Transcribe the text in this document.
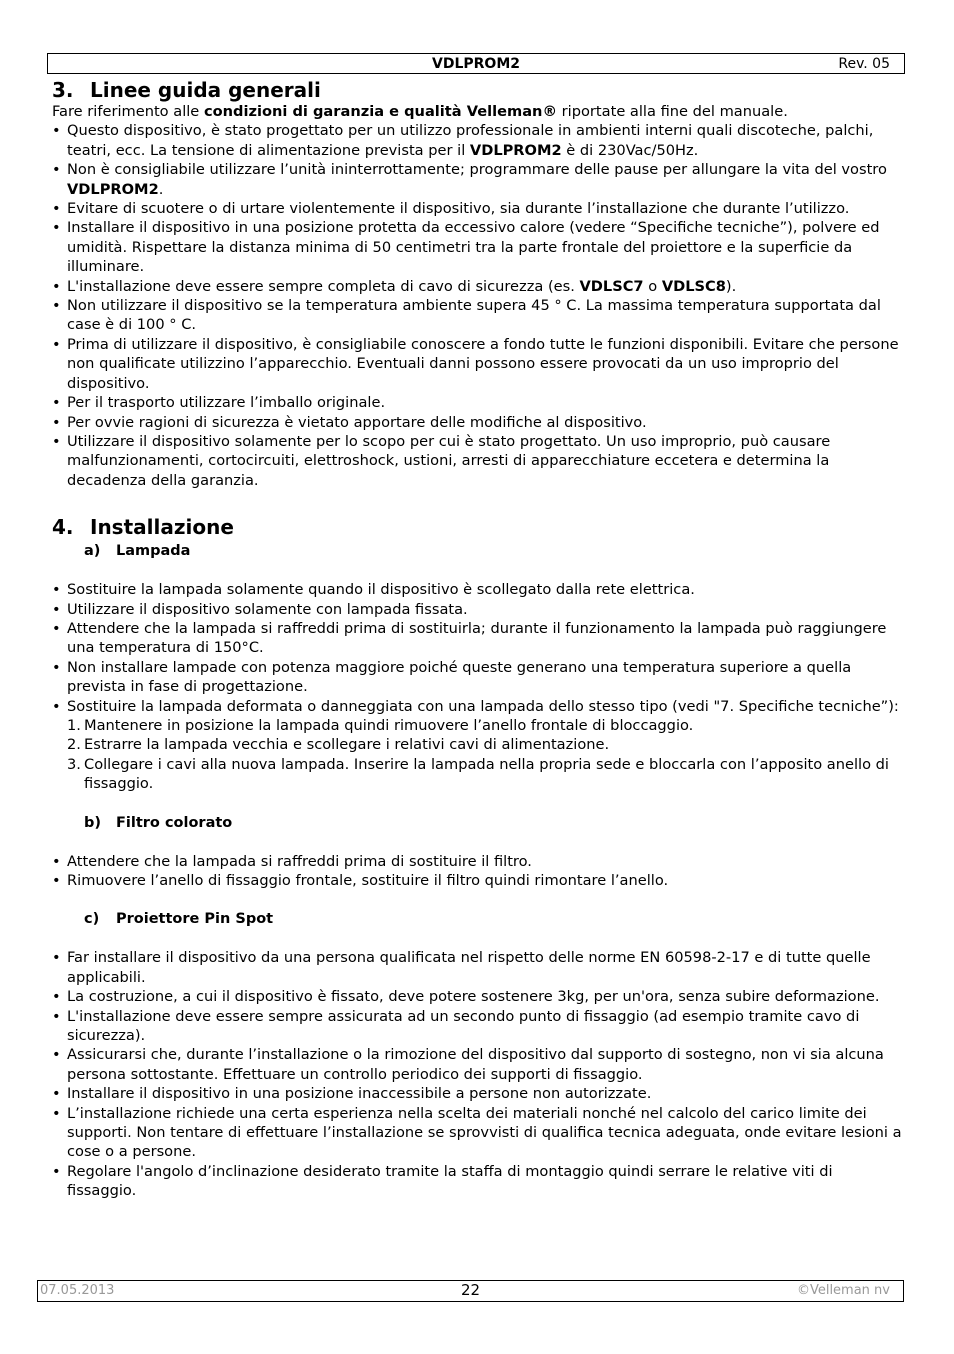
VDLPROM2	Rev. 05
3. Linee guida generali

Fare riferimento alle condizioni di garanzia e qualità Velleman® riportate alla fine del manuale.

• Questo dispositivo, è stato progettato per un utilizzo professionale in ambienti interni quali discoteche, palchi, teatri, ecc. La tensione di alimentazione prevista per il VDLPROM2 è di 230Vac/50Hz.
• Non è consigliabile utilizzare l’unità ininterrottamente; programmare delle pause per allungare la vita del vostro VDLPROM2.
• Evitare di scuotere o di urtare violentemente il dispositivo, sia durante l’installazione che durante l’utilizzo.
• Installare il dispositivo in una posizione protetta da eccessivo calore (vedere “Specifiche tecniche”), polvere ed umidità. Rispettare la distanza minima di 50 centimetri tra la parte frontale del proiettore e la superficie da illuminare.
• L'installazione deve essere sempre completa di cavo di sicurezza (es. VDLSC7 o VDLSC8).
• Non utilizzare il dispositivo se la temperatura ambiente supera 45 ° C. La massima temperatura supportata dal case è di 100 ° C.
• Prima di utilizzare il dispositivo, è consigliabile conoscere a fondo tutte le funzioni disponibili. Evitare che persone non qualificate utilizzino l’apparecchio. Eventuali danni possono essere provocati da un uso improprio del dispositivo.
• Per il trasporto utilizzare l’imballo originale.
• Per ovvie ragioni di sicurezza è vietato apportare delle modifiche al dispositivo.
• Utilizzare il dispositivo solamente per lo scopo per cui è stato progettato. Un uso improprio, può causare malfunzionamenti, cortocircuiti, elettroshock, ustioni, arresti di apparecchiature eccetera e determina la decadenza della garanzia.
4. Installazione
a) Lampada
• Sostituire la lampada solamente quando il dispositivo è scollegato dalla rete elettrica.
• Utilizzare il dispositivo solamente con lampada fissata.
• Attendere che la lampada si raffreddi prima di sostituirla; durante il funzionamento la lampada può raggiungere una temperatura di 150°C.
• Non installare lampade con potenza maggiore poiché queste generano una temperatura superiore a quella prevista in fase di progettazione.
• Sostituire la lampada deformata o danneggiata con una lampada dello stesso tipo (vedi "7. Specifiche tecniche”):
1. Mantenere in posizione la lampada quindi rimuovere l’anello frontale di bloccaggio.
2. Estrarre la lampada vecchia e scollegare i relativi cavi di alimentazione.
3. Collegare i cavi alla nuova lampada. Inserire la lampada nella propria sede e bloccarla con l’apposito anello di fissaggio.
b) Filtro colorato
• Attendere che la lampada si raffreddi prima di sostituire il filtro.
• Rimuovere l’anello di fissaggio frontale, sostituire il filtro quindi rimontare l’anello.
c) Proiettore Pin Spot
• Far installare il dispositivo da una persona qualificata nel rispetto delle norme EN 60598-2-17 e di tutte quelle applicabili.
• La costruzione, a cui il dispositivo è fissato, deve potere sostenere 3kg, per un'ora, senza subire deformazione.
• L'installazione deve essere sempre assicurata ad un secondo punto di fissaggio (ad esempio tramite cavo di sicurezza).
• Assicurarsi che, durante l’installazione o la rimozione del dispositivo dal supporto di sostegno, non vi sia alcuna persona sottostante. Effettuare un controllo periodico dei supporti di fissaggio.
• Installare il dispositivo in una posizione inaccessibile a persone non autorizzate.
• L’installazione richiede una certa esperienza nella scelta dei materiali nonché nel calcolo del carico limite dei supporti. Non tentare di effettuare l’installazione se sprovvisti di qualifica tecnica adeguata, onde evitare lesioni a cose o a persone.
• Regolare l'angolo d’inclinazione desiderato tramite la staffa di montaggio quindi serrare le relative viti di fissaggio.
07.05.2013	22	©Velleman nv
